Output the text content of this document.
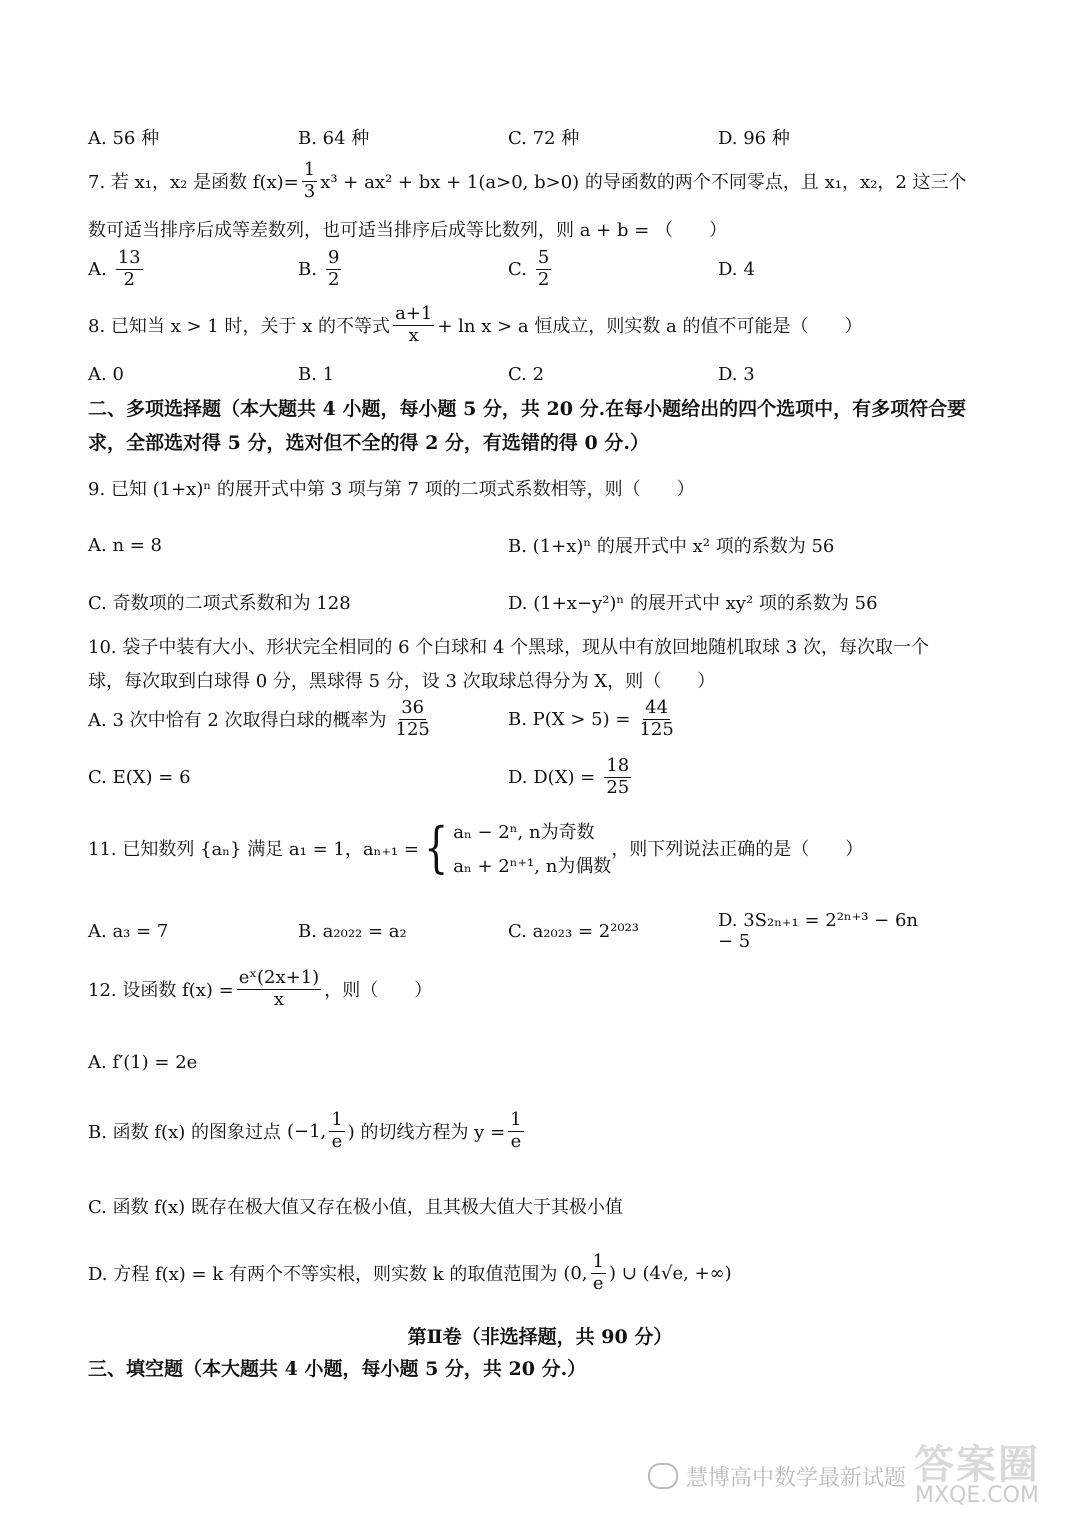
A. 56 种	B. 64 种	C. 72 种	D. 96 种
7. 若 x₁，x₂ 是函数 $f(x)= \frac{1}{3} x^3 + ax^2$ + bx + 1(a>0, b>0) 的导函数的两个不同零点，且 x₁，x₂，2 这三个
数可适当排序后成等差数列，也可适当排序后成等比数列，则 a + b = （　　）
A. $\frac{13}{2}$	B. $\frac{9}{2}$	C. $\frac{5}{2}$	D. 4
8. 已知当 x > 1 时，关于 x 的不等式 $\frac{a+1}{x} + \ln x > a$ 恒成立，则实数 a 的值不可能是（　　）
A. 0	B. 1	C. 2	D. 3
二、多项选择题（本大题共 4 小题，每小题 5 分，共 20 分.在每小题给出的四个选项中，有多项符合要求，全部选对得 5 分，选对但不全的得 2 分，有选错的得 0 分.）
9. 已知 (1+x)ⁿ 的展开式中第 3 项与第 7 项的二项式系数相等，则（　　）
A. n = 8	B. (1+x)ⁿ 的展开式中 x² 项的系数为 56
C. 奇数项的二项式系数和为 128	D. (1+x−y²)ⁿ 的展开式中 xy² 项的系数为 56
10. 袋子中装有大小、形状完全相同的 6 个白球和 4 个黑球，现从中有放回地随机取球 3 次，每次取一个
球，每次取到白球得 0 分，黑球得 5 分，设 3 次取球总得分为 X，则（　　）
A. 3 次中恰有 2 次取得白球的概率为 $\frac{36}{125}$	B. $P(X > 5) = \frac{44}{125}$
C. E(X) = 6	D. $D(X) = \frac{18}{25}$
11. 已知数列 {aₙ} 满足 a₁ = 1，aₙ₊₁ = { aₙ − 2ⁿ, n为奇数
aₙ + 2ⁿ⁺¹, n为偶数
，则下列说法正确的是（　　）
A. a₃ = 7	B. a₂₀₂₂ = a₂	C. a₂₀₂₃ = 2²⁰²³	D. 3S₂ₙ₊₁ = 2²ⁿ⁺³ − 6n − 5
12. 设函数 $f(x) = \frac{\text{eˣ(2x+1)}}{x}$ ，则（　　）
A. f′(1) = 2e
B. 函数 f(x) 的图象过点 (−1, $\frac{1}{e}$ ) 的切线方程为 $y = \frac{1}{e}$
C. 函数 f(x) 既存在极大值又存在极小值，且其极大值大于其极小值
D. 方程 f(x) = k 有两个不等实根，则实数 k 的取值范围为 (0, $\frac{1}{e}$ ) ∪ (4√e, +∞)
第Ⅱ卷（非选择题，共 90 分）
三、填空题（本大题共 4 小题，每小题 5 分，共 20 分.）
慧博高中数学最新试题 答案圈
MXQE.COM
